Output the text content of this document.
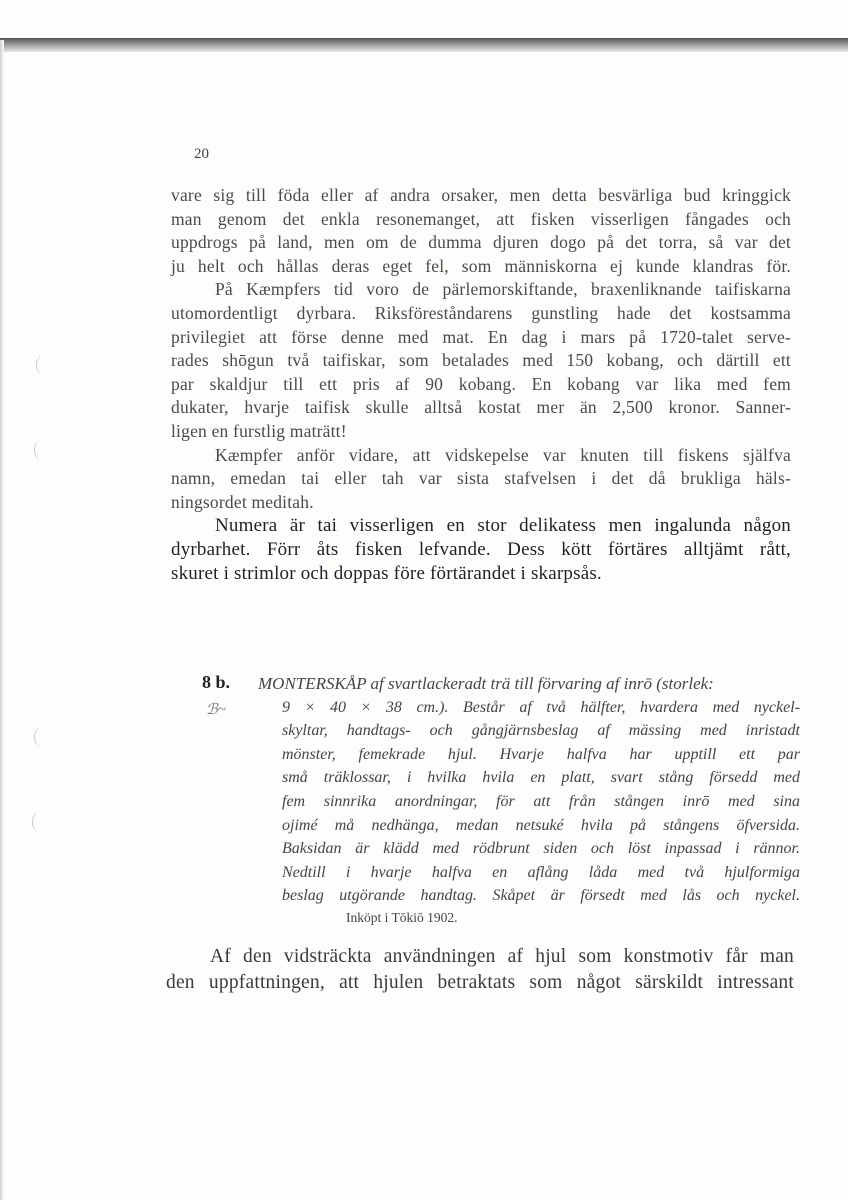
20
vare sig till föda eller af andra orsaker, men detta besvärliga bud kringgick
man genom det enkla resonemanget, att fisken visserligen fångades och
uppdrogs på land, men om de dumma djuren dogo på det torra, så var det
ju helt och hållas deras eget fel, som människorna ej kunde klandras för.
På Kæmpfers tid voro de pärlemorskiftande, braxenliknande taifiskarna
utomordentligt dyrbara. Riksföreståndarens gunstling hade det kostsamma
privilegiet att förse denne med mat. En dag i mars på 1720-talet serve-
rades shōgun två taifiskar, som betalades med 150 kobang, och därtill ett
par skaldjur till ett pris af 90 kobang. En kobang var lika med fem
dukater, hvarje taifisk skulle alltså kostat mer än 2,500 kronor. Sanner-
ligen en furstlig maträtt!
Kæmpfer anför vidare, att vidskepelse var knuten till fiskens själfva
namn, emedan tai eller tah var sista stafvelsen i det då brukliga häls-
ningsordet meditah.
Numera är tai visserligen en stor delikatess men ingalunda någon
dyrbarhet. Förr åts fisken lefvande. Dess kött förtäres alltjämt rått,
skuret i strimlor och doppas före förtärandet i skarpsås.
8 b.
ℬ~
MONTERSKÅP af svartlackeradt trä till förvaring af inrō (storlek:
9 × 40 × 38 cm.). Består af två hälfter, hvardera med nyckel-
skyltar, handtags- och gångjärnsbeslag af mässing med inristadt
mönster, femekrade hjul. Hvarje halfva har upptill ett par
små träklossar, i hvilka hvila en platt, svart stång försedd med
fem sinnrika anordningar, för att från stången inrō med sina
ojimé må nedhänga, medan netsuké hvila på stångens öfversida.
Baksidan är klädd med rödbrunt siden och löst inpassad i rännor.
Nedtill i hvarje halfva en aflång låda med två hjulformiga
beslag utgörande handtag. Skåpet är försedt med lås och nyckel.
Inköpt i Tōkiō 1902.
Af den vidsträckta användningen af hjul som konstmotiv får man
den uppfattningen, att hjulen betraktats som något särskildt intressant
